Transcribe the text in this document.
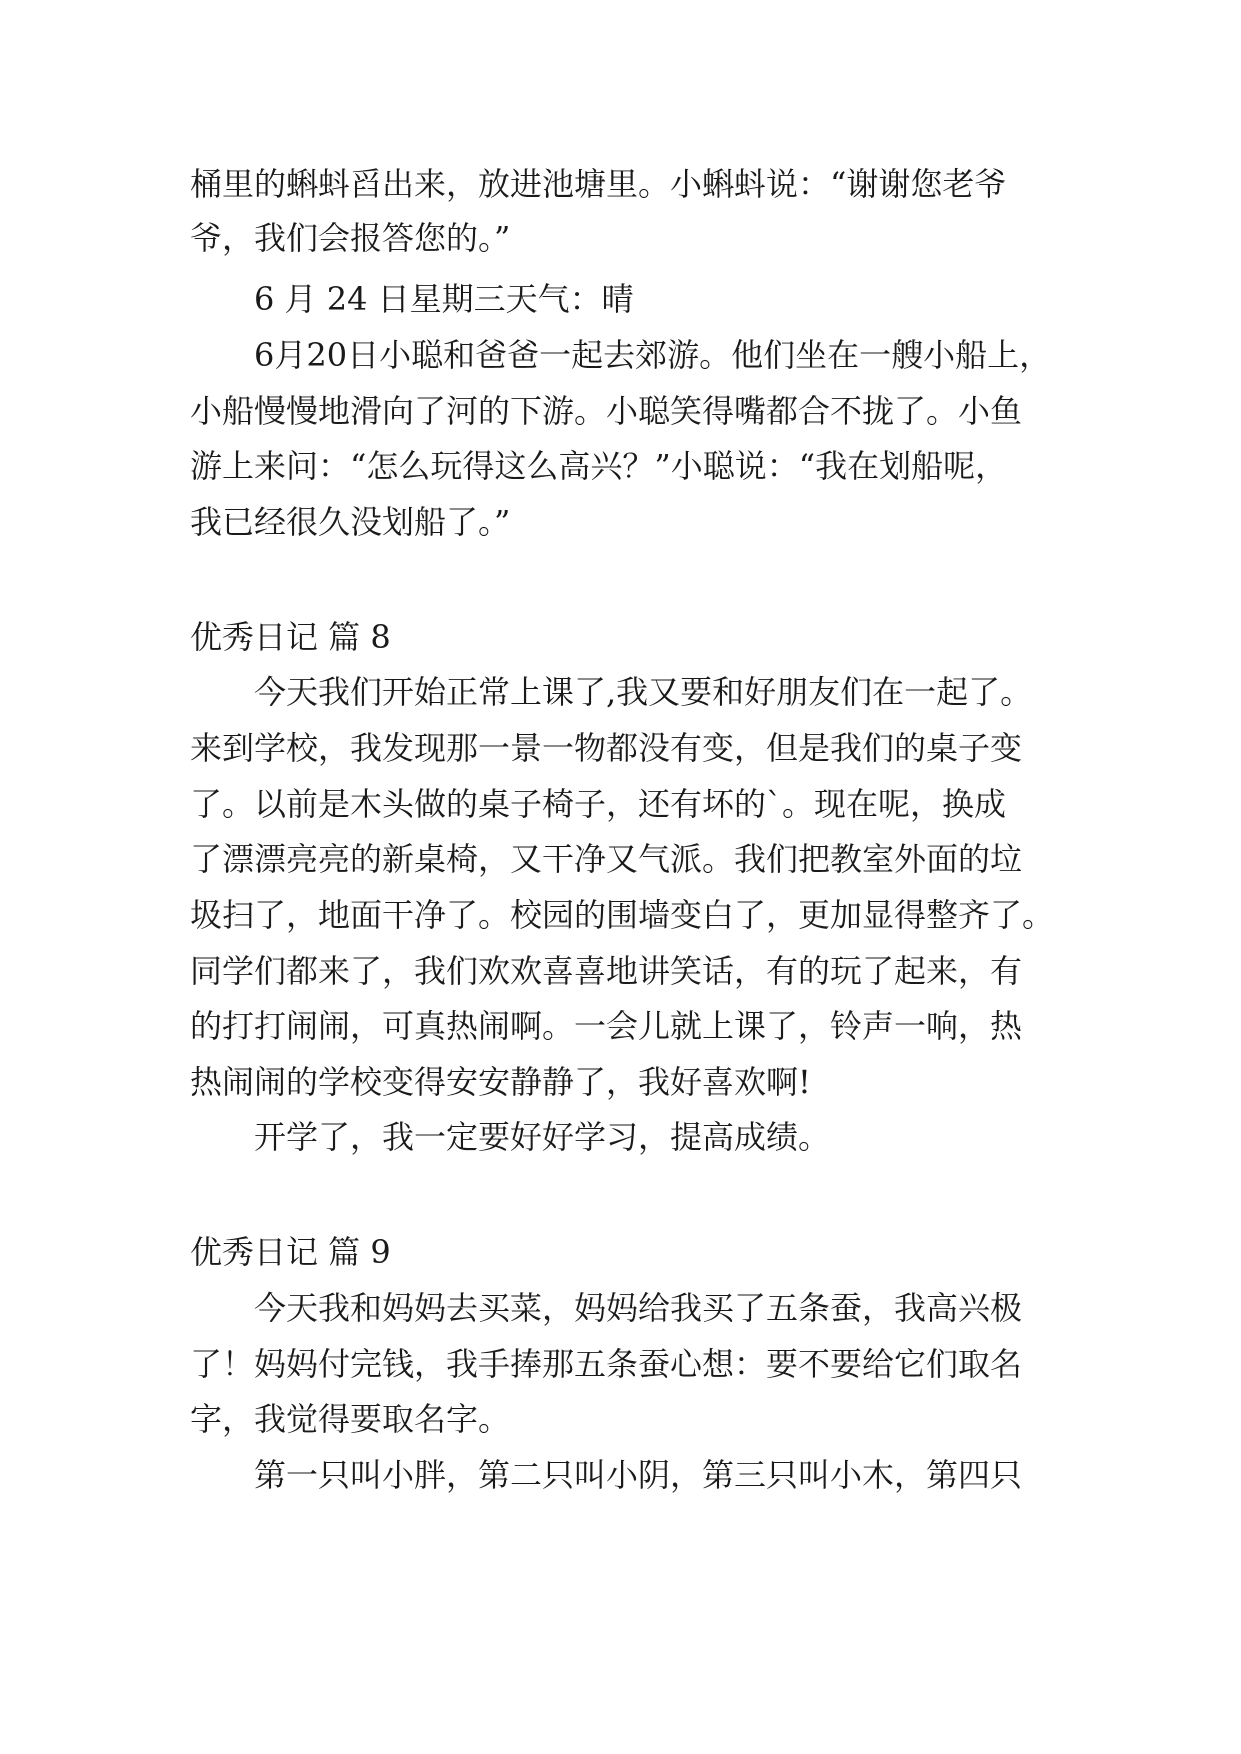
桶里的蝌蚪舀出来，放进池塘里。小蝌蚪说：“谢谢您老爷

爷，我们会报答您的。”

6 月 24 日星期三天气：晴

6月20日小聪和爸爸一起去郊游。他们坐在一艘小船上，

小船慢慢地滑向了河的下游。小聪笑得嘴都合不拢了。小鱼

游上来问：“怎么玩得这么高兴？”小聪说：“我在划船呢，

我已经很久没划船了。”

优秀日记 篇 8

今天我们开始正常上课了,我又要和好朋友们在一起了。

来到学校，我发现那一景一物都没有变，但是我们的桌子变

了。以前是木头做的桌子椅子，还有坏的`。现在呢，换成

了漂漂亮亮的新桌椅，又干净又气派。我们把教室外面的垃

圾扫了，地面干净了。校园的围墙变白了，更加显得整齐了。

同学们都来了，我们欢欢喜喜地讲笑话，有的玩了起来，有

的打打闹闹，可真热闹啊。一会儿就上课了，铃声一响，热

热闹闹的学校变得安安静静了，我好喜欢啊!

开学了，我一定要好好学习，提高成绩。

优秀日记 篇 9

今天我和妈妈去买菜，妈妈给我买了五条蚕，我高兴极

了！妈妈付完钱，我手捧那五条蚕心想：要不要给它们取名

字，我觉得要取名字。

第一只叫小胖，第二只叫小阴，第三只叫小木，第四只
